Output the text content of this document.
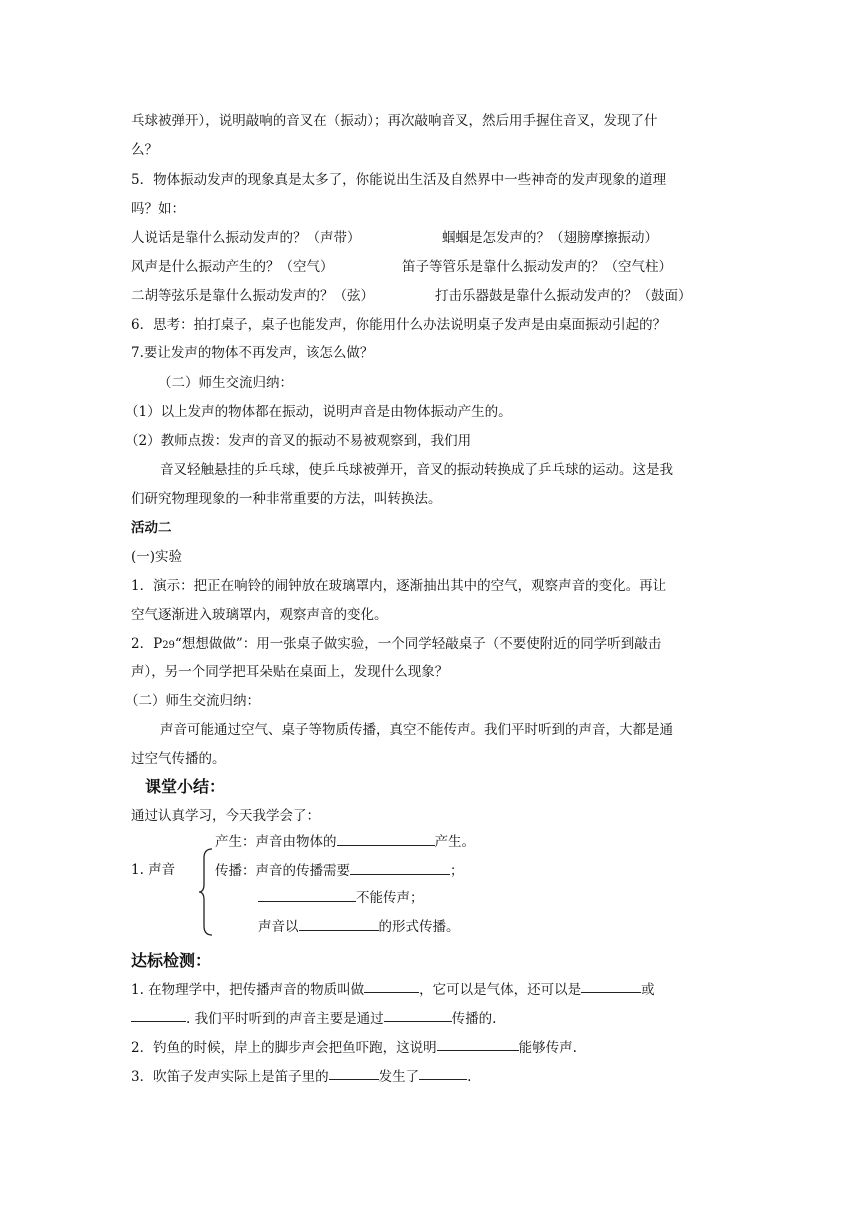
乓球被弹开），说明敲响的音叉在（振动）；再次敲响音叉，然后用手握住音叉，发现了什
么？
5．物体振动发声的现象真是太多了，你能说出生活及自然界中一些神奇的发声现象的道理
吗？如：
人说话是靠什么振动发声的？（声带）	蝈蝈是怎发声的？（翅膀摩擦振动）
风声是什么振动产生的？（空气）	笛子等管乐是靠什么振动发声的？（空气柱）
二胡等弦乐是靠什么振动发声的？（弦）	打击乐器鼓是靠什么振动发声的？（鼓面）
6．思考：拍打桌子，桌子也能发声，你能用什么办法说明桌子发声是由桌面振动引起的？
7.要让发声的物体不再发声，该怎么做？
（二）师生交流归纳：
（1）以上发声的物体都在振动，说明声音是由物体振动产生的。
（2）教师点拨：发声的音叉的振动不易被观察到，我们用
音叉轻触悬挂的乒乓球，使乒乓球被弹开，音叉的振动转换成了乒乓球的运动。这是我
们研究物理现象的一种非常重要的方法，叫转换法。
活动二
(一)实验
1．演示：把正在响铃的闹钟放在玻璃罩内，逐渐抽出其中的空气，观察声音的变化。再让
空气逐渐进入玻璃罩内，观察声音的变化。
2．P29“想想做做”：用一张桌子做实验，一个同学轻敲桌子（不要使附近的同学听到敲击
声），另一个同学把耳朵贴在桌面上，发现什么现象？
（二）师生交流归纳：
声音可能通过空气、桌子等物质传播，真空不能传声。我们平时听到的声音，大都是通
过空气传播的。
课堂小结：
通过认真学习，今天我学会了：
1. 声音
产生：声音由物体的	产生。
传播：声音的传播需要	；
不能传声；
声音以	的形式传播。
达标检测：
1. 在物理学中，把传播声音的物质叫做	，它可以是气体，还可以是	或
. 我们平时听到的声音主要是通过	传播的.
2．钓鱼的时候，岸上的脚步声会把鱼吓跑，这说明	能够传声.
3．吹笛子发声实际上是笛子里的	发生了	.
